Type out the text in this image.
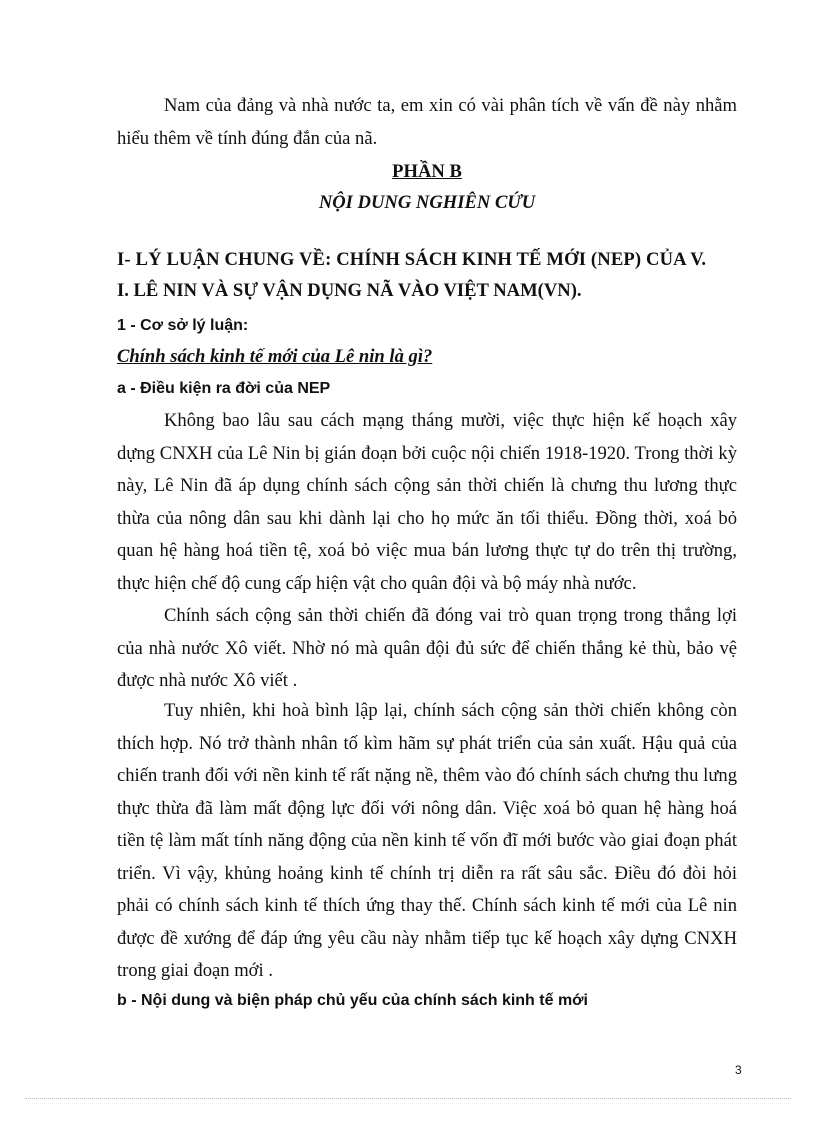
Nam của đảng và nhà nước ta, em xin có vài phân tích về vấn đề này nhằm hiểu thêm về tính đúng đắn của nã.

PHẦN B
NỘI DUNG NGHIÊN CỨU
I- LÝ LUẬN CHUNG VỀ: CHÍNH SÁCH KINH TẾ MỚI (NEP) CỦA V.
I. LÊ NIN VÀ SỰ VẬN DỤNG NÃ VÀO VIỆT NAM(VN).
1 - Cơ sở lý luận:
Chính sách kinh tế mới của Lê nin là gì?
a - Điều kiện ra đời của NEP

Không bao lâu sau cách mạng tháng mười, việc thực hiện kế hoạch xây dựng CNXH của Lê Nin bị gián đoạn bởi cuộc nội chiến 1918-1920. Trong thời kỳ này, Lê Nin đã áp dụng chính sách cộng sản thời chiến là chưng thu lương thực thừa của nông dân sau khi dành lại cho họ mức ăn tối thiểu. Đồng thời, xoá bỏ quan hệ hàng hoá tiền tệ, xoá bỏ việc mua bán lương thực tự do trên thị trường, thực hiện chế độ cung cấp hiện vật cho quân đội và bộ máy nhà nước.

Chính sách cộng sản thời chiến đã đóng vai trò quan trọng trong thắng lợi của nhà nước Xô viết. Nhờ nó mà quân đội đủ sức để chiến thắng kẻ thù, bảo vệ được nhà nước Xô viết .

Tuy nhiên, khi hoà bình lập lại, chính sách cộng sản thời chiến không còn thích hợp. Nó trở thành nhân tố kìm hãm sự phát triển của sản xuất. Hậu quả của chiến tranh đối với nền kinh tế rất nặng nề, thêm vào đó chính sách chưng thu lưng thực thừa đã làm mất động lực đối với nông dân. Việc xoá bỏ quan hệ hàng hoá tiền tệ làm mất tính năng động của nền kinh tế vốn đĩ mới bước vào giai đoạn phát triển. Vì vậy, khủng hoảng kinh tế chính trị diễn ra rất sâu sắc. Điều đó đòi hỏi phải có chính sách kinh tế thích ứng thay thế. Chính sách kinh tế mới của Lê nin được đề xướng để đáp ứng yêu cầu này nhằm tiếp tục kế hoạch xây dựng CNXH trong giai đoạn mới .

b - Nội dung và biện pháp chủ yếu của chính sách kinh tế mới
3
